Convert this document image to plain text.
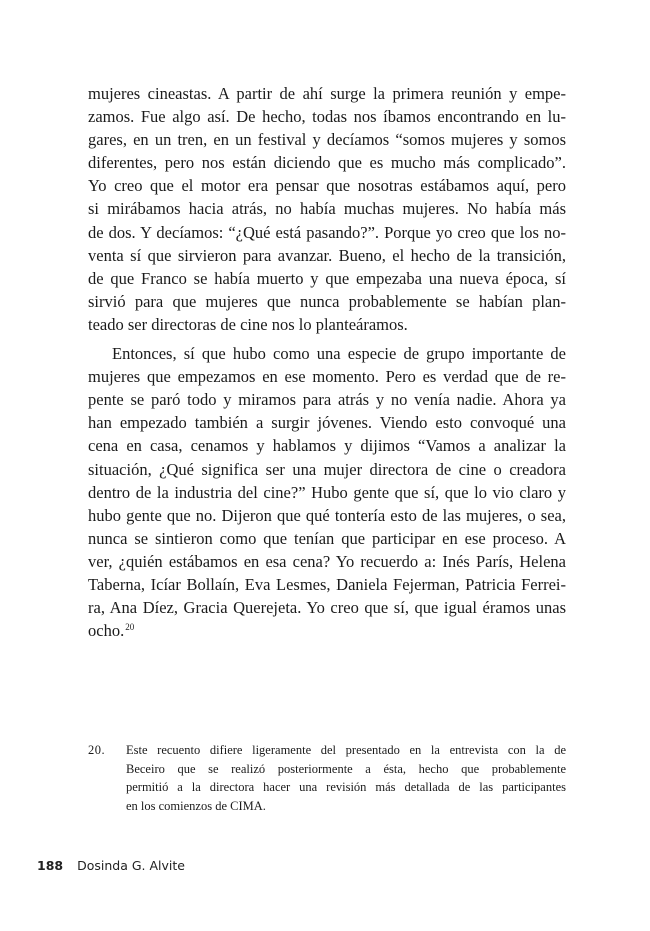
mujeres cineastas. A partir de ahí surge la primera reunión y empe-
zamos. Fue algo así. De hecho, todas nos íbamos encontrando en lu-
gares, en un tren, en un festival y decíamos “somos mujeres y somos
diferentes, pero nos están diciendo que es mucho más complicado”.
Yo creo que el motor era pensar que nosotras estábamos aquí, pero
si mirábamos hacia atrás, no había muchas mujeres. No había más
de dos. Y decíamos: “¿Qué está pasando?”. Porque yo creo que los no-
venta sí que sirvieron para avanzar. Bueno, el hecho de la transición,
de que Franco se había muerto y que empezaba una nueva época, sí
sirvió para que mujeres que nunca probablemente se habían plan-
teado ser directoras de cine nos lo planteáramos.
Entonces, sí que hubo como una especie de grupo importante de
mujeres que empezamos en ese momento. Pero es verdad que de re-
pente se paró todo y miramos para atrás y no venía nadie. Ahora ya
han empezado también a surgir jóvenes. Viendo esto convoqué una
cena en casa, cenamos y hablamos y dijimos “Vamos a analizar la
situación, ¿Qué significa ser una mujer directora de cine o creadora
dentro de la industria del cine?” Hubo gente que sí, que lo vio claro y
hubo gente que no. Dijeron que qué tontería esto de las mujeres, o sea,
nunca se sintieron como que tenían que participar en ese proceso. A
ver, ¿quién estábamos en esa cena? Yo recuerdo a: Inés París, Helena
Taberna, Icíar Bollaín, Eva Lesmes, Daniela Fejerman, Patricia Ferrei-
ra, Ana Díez, Gracia Querejeta. Yo creo que sí, que igual éramos unas
ocho.$^{20}$
20. Este recuento difiere ligeramente del presentado en la entrevista con la de
Beceiro que se realizó posteriormente a ésta, hecho que probablemente
permitió a la directora hacer una revisión más detallada de las participantes
en los comienzos de CIMA.
188 Dosinda G. Alvite
